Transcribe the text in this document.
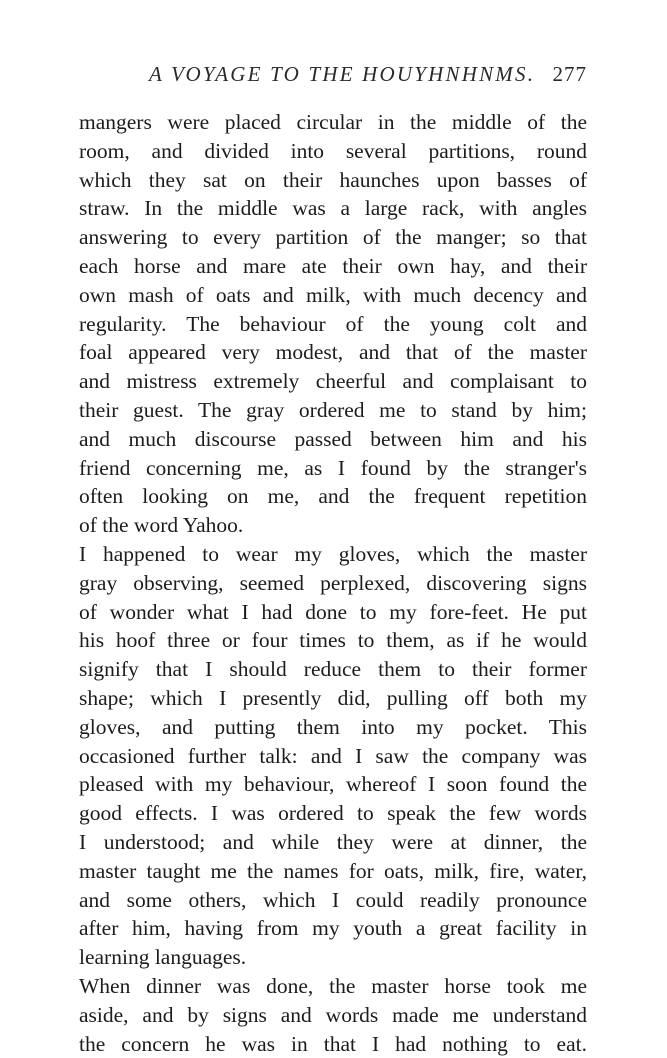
A VOYAGE TO THE HOUYHNHNMS. 277
mangers were placed circular in the middle of the
room, and divided into several partitions, round
which they sat on their haunches upon basses of
straw. In the middle was a large rack, with angles
answering to every partition of the manger; so that
each horse and mare ate their own hay, and their
own mash of oats and milk, with much decency and
regularity. The behaviour of the young colt and
foal appeared very modest, and that of the master
and mistress extremely cheerful and complaisant to
their guest. The gray ordered me to stand by him;
and much discourse passed between him and his
friend concerning me, as I found by the stranger's
often looking on me, and the frequent repetition
of the word Yahoo.
I happened to wear my gloves, which the master
gray observing, seemed perplexed, discovering signs
of wonder what I had done to my fore-feet. He put
his hoof three or four times to them, as if he would
signify that I should reduce them to their former
shape; which I presently did, pulling off both my
gloves, and putting them into my pocket. This
occasioned further talk: and I saw the company was
pleased with my behaviour, whereof I soon found the
good effects. I was ordered to speak the few words
I understood; and while they were at dinner, the
master taught me the names for oats, milk, fire, water,
and some others, which I could readily pronounce
after him, having from my youth a great facility in
learning languages.
When dinner was done, the master horse took me
aside, and by signs and words made me understand
the concern he was in that I had nothing to eat.
